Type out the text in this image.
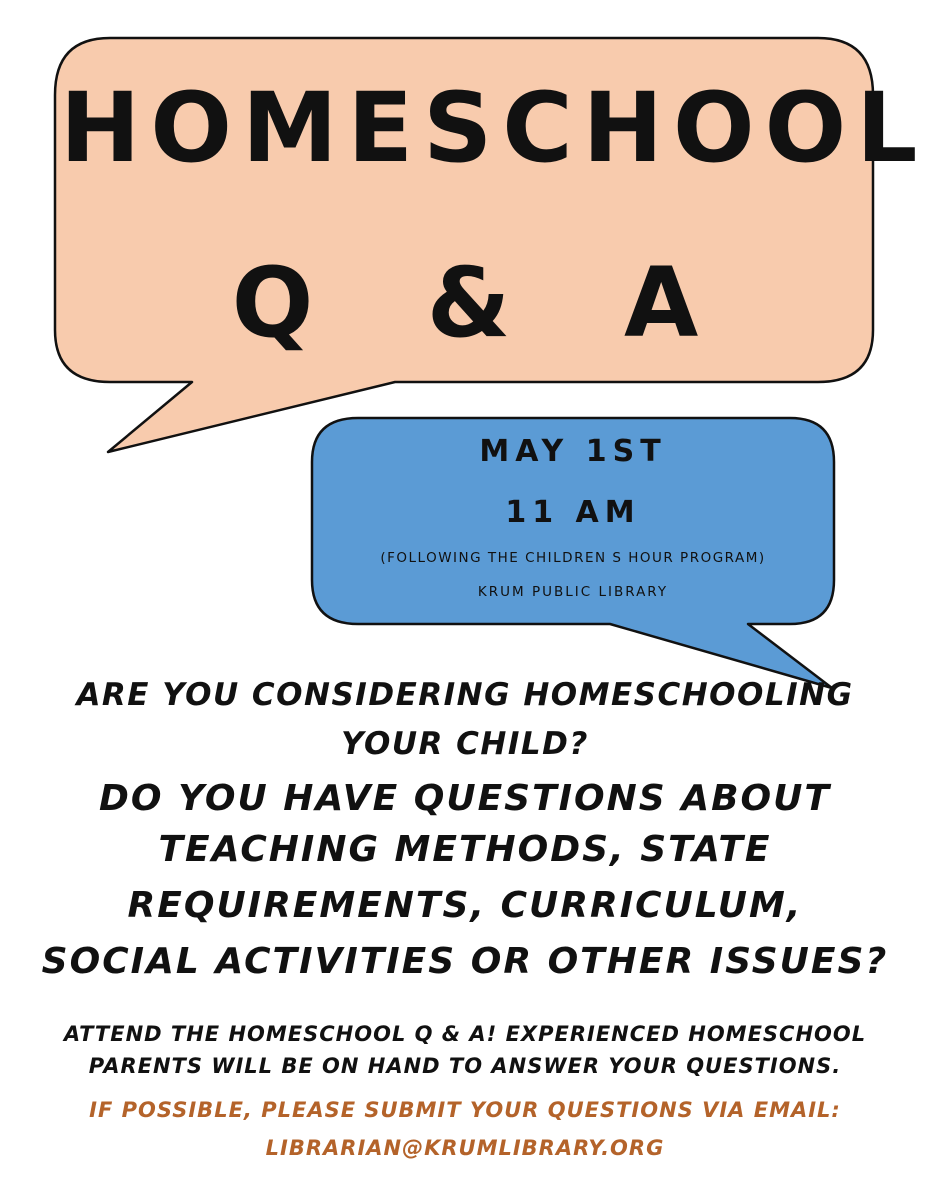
HOMESCHOOL
Q & A
MAY 1ST
11 AM
(FOLLOWING THE CHILDREN S HOUR PROGRAM)
KRUM PUBLIC LIBRARY
ARE YOU CONSIDERING HOMESCHOOLING
YOUR CHILD?
DO YOU HAVE QUESTIONS ABOUT
TEACHING METHODS, STATE
REQUIREMENTS, CURRICULUM,
SOCIAL ACTIVITIES OR OTHER ISSUES?
ATTEND THE HOMESCHOOL Q & A! EXPERIENCED HOMESCHOOL
PARENTS WILL BE ON HAND TO ANSWER YOUR QUESTIONS.
IF POSSIBLE, PLEASE SUBMIT YOUR QUESTIONS VIA EMAIL:
LIBRARIAN@KRUMLIBRARY.ORG
